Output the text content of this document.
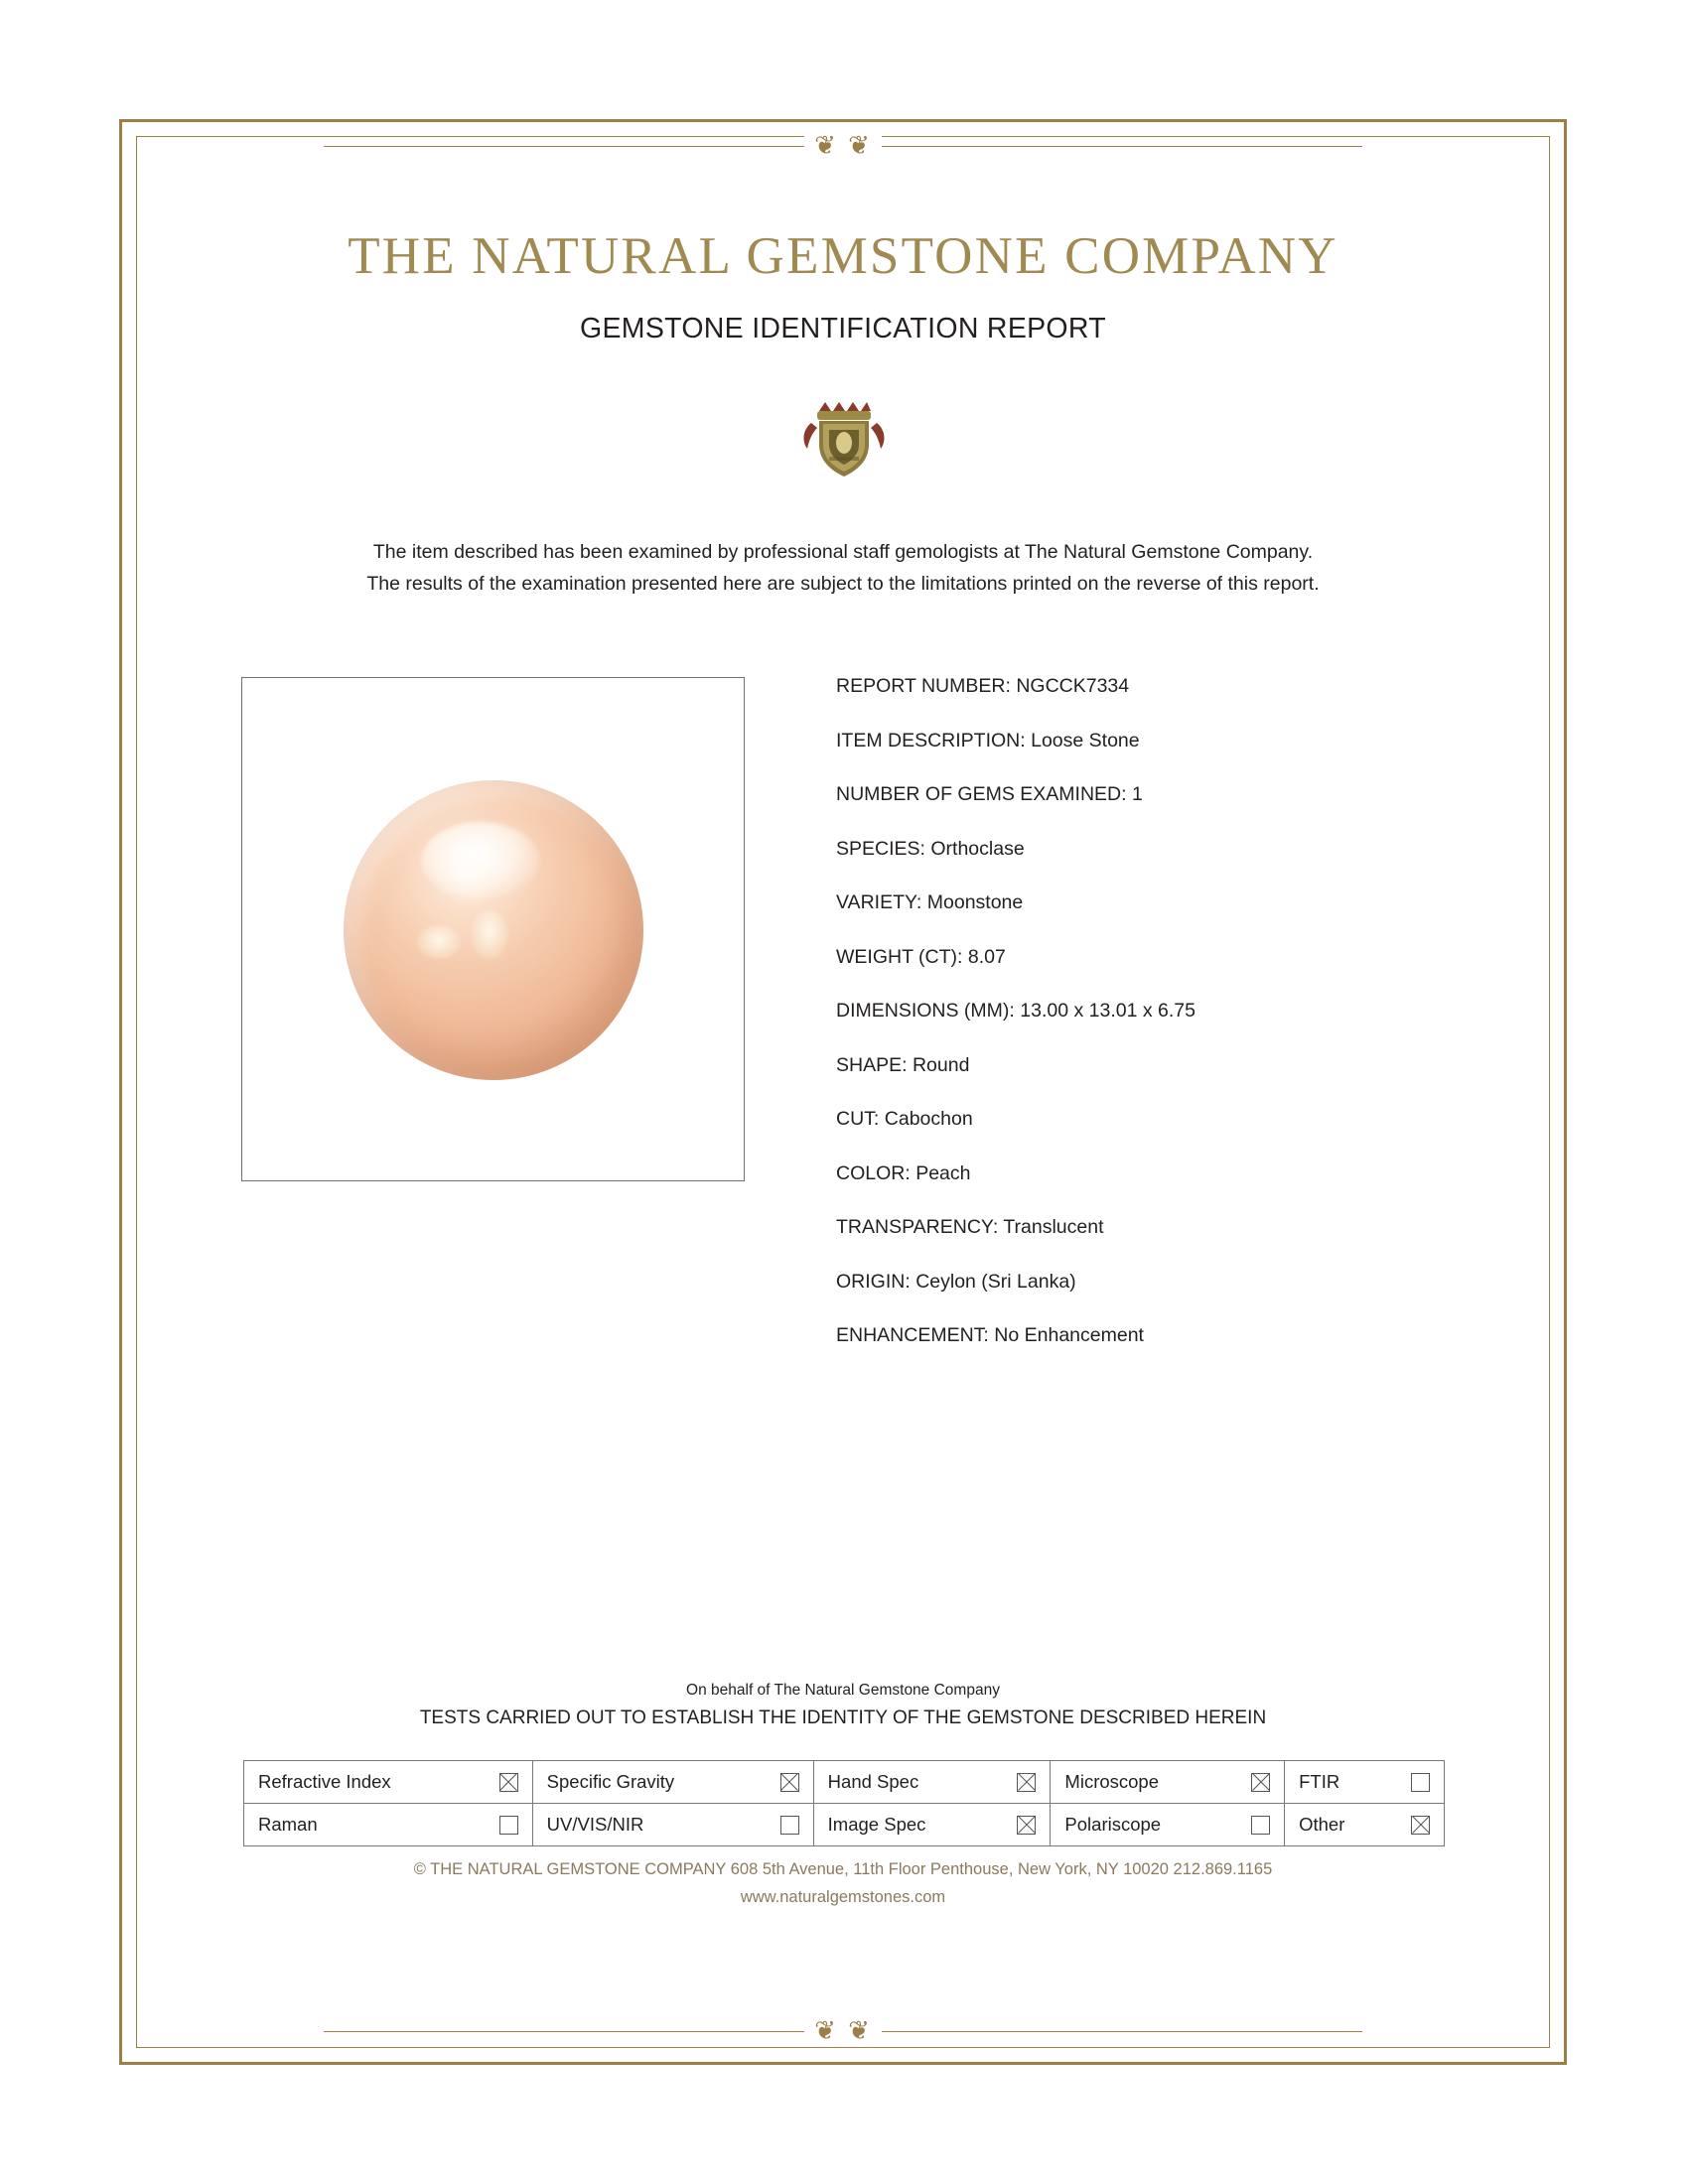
❦ ❦
THE NATURAL GEMSTONE COMPANY
GEMSTONE IDENTIFICATION REPORT
The item described has been examined by professional staff gemologists at The Natural Gemstone Company.
The results of the examination presented here are subject to the limitations printed on the reverse of this report.
REPORT NUMBER: NGCCK7334
ITEM DESCRIPTION: Loose Stone
NUMBER OF GEMS EXAMINED: 1
SPECIES: Orthoclase
VARIETY: Moonstone
WEIGHT (CT): 8.07
DIMENSIONS (MM): 13.00 x 13.01 x 6.75
SHAPE: Round
CUT: Cabochon
COLOR: Peach
TRANSPARENCY: Translucent
ORIGIN: Ceylon (Sri Lanka)
ENHANCEMENT: No Enhancement
On behalf of The Natural Gemstone Company
TESTS CARRIED OUT TO ESTABLISH THE IDENTITY OF THE GEMSTONE DESCRIBED HEREIN
Refractive Index	Specific Gravity	Hand Spec	Microscope	FTIR

Raman	UV/VIS/NIR	Image Spec	Polariscope	Other
© THE NATURAL GEMSTONE COMPANY 608 5th Avenue, 11th Floor Penthouse, New York, NY 10020 212.869.1165
www.naturalgemstones.com
❦ ❦
